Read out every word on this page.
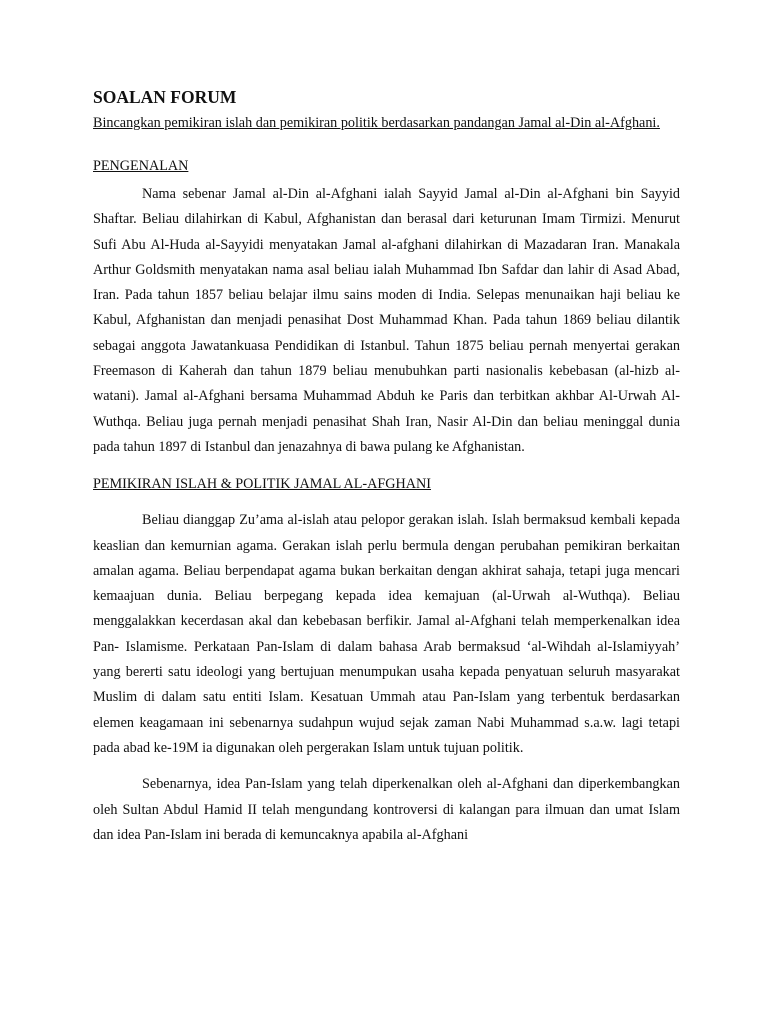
SOALAN FORUM
Bincangkan pemikiran islah dan pemikiran politik berdasarkan pandangan Jamal al-Din al-Afghani.
PENGENALAN

Nama sebenar Jamal al-Din al-Afghani ialah Sayyid Jamal al-Din al-Afghani bin Sayyid Shaftar. Beliau dilahirkan di Kabul, Afghanistan dan berasal dari keturunan Imam Tirmizi. Menurut Sufi Abu Al-Huda al-Sayyidi menyatakan Jamal al-afghani dilahirkan di Mazadaran Iran. Manakala Arthur Goldsmith menyatakan nama asal beliau ialah Muhammad Ibn Safdar dan lahir di Asad Abad, Iran. Pada tahun 1857 beliau belajar ilmu sains moden di India. Selepas menunaikan haji beliau ke Kabul, Afghanistan dan menjadi penasihat Dost Muhammad Khan. Pada tahun 1869 beliau dilantik sebagai anggota Jawatankuasa Pendidikan di Istanbul. Tahun 1875 beliau pernah menyertai gerakan Freemason di Kaherah dan tahun 1879 beliau menubuhkan parti nasionalis kebebasan (al-hizb al-watani). Jamal al-Afghani bersama Muhammad Abduh ke Paris dan terbitkan akhbar Al-Urwah Al-Wuthqa. Beliau juga pernah menjadi penasihat Shah Iran, Nasir Al-Din dan beliau meninggal dunia pada tahun 1897 di Istanbul dan jenazahnya di bawa pulang ke Afghanistan.

PEMIKIRAN ISLAH & POLITIK JAMAL AL-AFGHANI

Beliau dianggap Zu’ama al-islah atau pelopor gerakan islah. Islah bermaksud kembali kepada keaslian dan kemurnian agama. Gerakan islah perlu bermula dengan perubahan pemikiran berkaitan amalan agama. Beliau berpendapat agama bukan berkaitan dengan akhirat sahaja, tetapi juga mencari kemaajuan dunia. Beliau berpegang kepada idea kemajuan (al-Urwah al-Wuthqa). Beliau menggalakkan kecerdasan akal dan kebebasan berfikir. Jamal al-Afghani telah memperkenalkan idea Pan- Islamisme. Perkataan Pan-Islam di dalam bahasa Arab bermaksud ‘al-Wihdah al-Islamiyyah’ yang bererti satu ideologi yang bertujuan menumpukan usaha kepada penyatuan seluruh masyarakat Muslim di dalam satu entiti Islam. Kesatuan Ummah atau Pan-Islam yang terbentuk berdasarkan elemen keagamaan ini sebenarnya sudahpun wujud sejak zaman Nabi Muhammad s.a.w. lagi tetapi pada abad ke-19M ia digunakan oleh pergerakan Islam untuk tujuan politik.

Sebenarnya, idea Pan-Islam yang telah diperkenalkan oleh al-Afghani dan diperkembangkan oleh Sultan Abdul Hamid II telah mengundang kontroversi di kalangan para ilmuan dan umat Islam dan idea Pan-Islam ini berada di kemuncaknya apabila al-Afghani
